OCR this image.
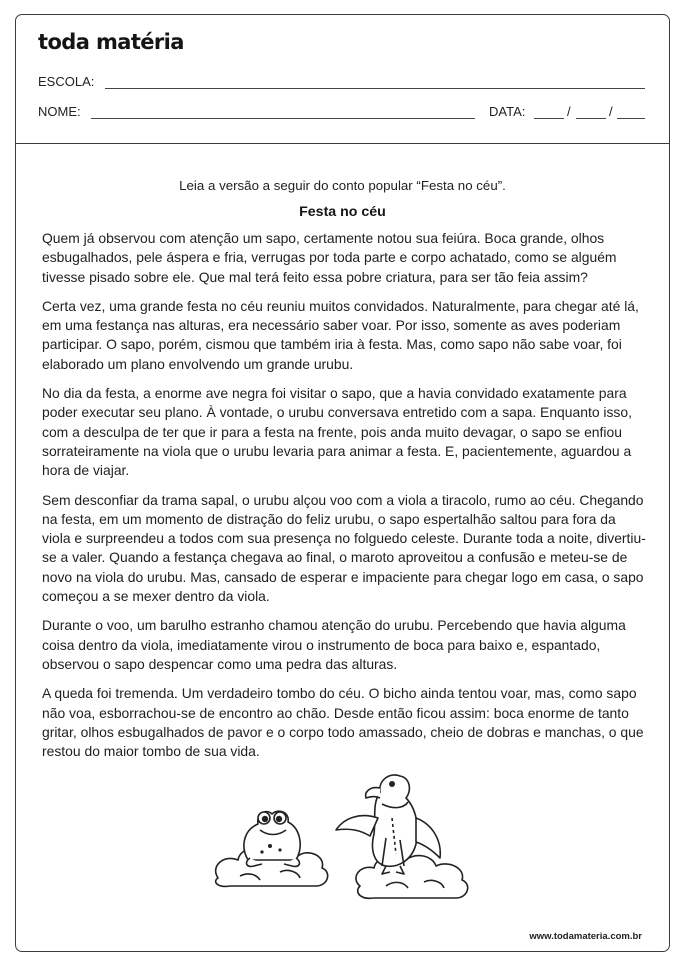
toda matéria
ESCOLA:
NOME:	DATA:	/	/
Leia a versão a seguir do conto popular “Festa no céu”.
Festa no céu

Quem já observou com atenção um sapo, certamente notou sua feiúra. Boca grande, olhos esbugalhados, pele áspera e fria, verrugas por toda parte e corpo achatado, como se alguém tivesse pisado sobre ele. Que mal terá feito essa pobre criatura, para ser tão feia assim?

Certa vez, uma grande festa no céu reuniu muitos convidados. Naturalmente, para chegar até lá, em uma festança nas alturas, era necessário saber voar. Por isso, somente as aves poderiam participar. O sapo, porém, cismou que também iria à festa. Mas, como sapo não sabe voar, foi elaborado um plano envolvendo um grande urubu.

No dia da festa, a enorme ave negra foi visitar o sapo, que a havia convidado exatamente para poder executar seu plano. À vontade, o urubu conversava entretido com a sapa. Enquanto isso, com a desculpa de ter que ir para a festa na frente, pois anda muito devagar, o sapo se enfiou sorrateiramente na viola que o urubu levaria para animar a festa. E, pacientemente, aguardou a hora de viajar.

Sem desconfiar da trama sapal, o urubu alçou voo com a viola a tiracolo, rumo ao céu. Chegando na festa, em um momento de distração do feliz urubu, o sapo espertalhão saltou para fora da viola e surpreendeu a todos com sua presença no folguedo celeste. Durante toda a noite, divertiu-se a valer. Quando a festança chegava ao final, o maroto aproveitou a confusão e meteu-se de novo na viola do urubu. Mas, cansado de esperar e impaciente para chegar logo em casa, o sapo começou a se mexer dentro da viola.

Durante o voo, um barulho estranho chamou atenção do urubu. Percebendo que havia alguma coisa dentro da viola, imediatamente virou o instrumento de boca para baixo e, espantado, observou o sapo despencar como uma pedra das alturas.

A queda foi tremenda. Um verdadeiro tombo do céu. O bicho ainda tentou voar, mas, como sapo não voa, esborrachou-se de encontro ao chão. Desde então ficou assim: boca enorme de tanto gritar, olhos esbugalhados de pavor e o corpo todo amassado, cheio de dobras e manchas, o que restou do maior tombo de sua vida.

www.todamateria.com.br
